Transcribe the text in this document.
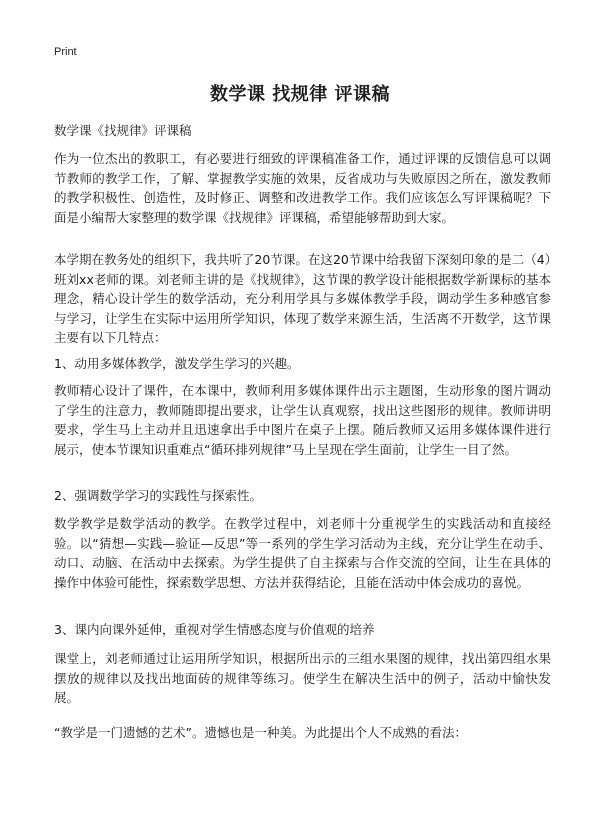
Print
数学课 找规律 评课稿

数学课《找规律》评课稿

作为一位杰出的教职工，有必要进行细致的评课稿准备工作，通过评课的反馈信息可以调节教师的教学工作，了解、掌握教学实施的效果，反省成功与失败原因之所在，激发教师的教学积极性、创造性，及时修正、调整和改进教学工作。我们应该怎么写评课稿呢？下面是小编帮大家整理的数学课《找规律》评课稿，希望能够帮助到大家。

本学期在教务处的组织下，我共听了20节课。在这20节课中给我留下深刻印象的是二（4）班刘xx老师的课。刘老师主讲的是《找规律》，这节课的教学设计能根据数学新课标的基本理念，精心设计学生的数学活动，充分利用学具与多媒体教学手段，调动学生多种感官参与学习，让学生在实际中运用所学知识，体现了数学来源生活，生活离不开数学，这节课主要有以下几特点：

1、动用多媒体教学，激发学生学习的兴趣。

教师精心设计了课件，在本课中，教师利用多媒体课件出示主题图，生动形象的图片调动了学生的注意力，教师随即提出要求，让学生认真观察，找出这些图形的规律。教师讲明要求，学生马上主动并且迅速拿出手中图片在桌子上摆。随后教师又运用多媒体课件进行展示，使本节课知识重难点“循环排列规律”马上呈现在学生面前，让学生一目了然。

2、强调数学学习的实践性与探索性。

数学教学是数学活动的教学。在教学过程中，刘老师十分重视学生的实践活动和直接经验。以“猜想—实践—验证—反思”等一系列的学生学习活动为主线，充分让学生在动手、动口、动脑、在活动中去探索。为学生提供了自主探索与合作交流的空间，让生在具体的操作中体验可能性，探索数学思想、方法并获得结论，且能在活动中体会成功的喜悦。

3、课内向课外延伸，重视对学生情感态度与价值观的培养

课堂上，刘老师通过让运用所学知识，根据所出示的三组水果图的规律，找出第四组水果摆放的规律以及找出地面砖的规律等练习。使学生在解决生活中的例子，活动中愉快发展。

“教学是一门遗憾的艺术”。遗憾也是一种美。为此提出个人不成熟的看法：
